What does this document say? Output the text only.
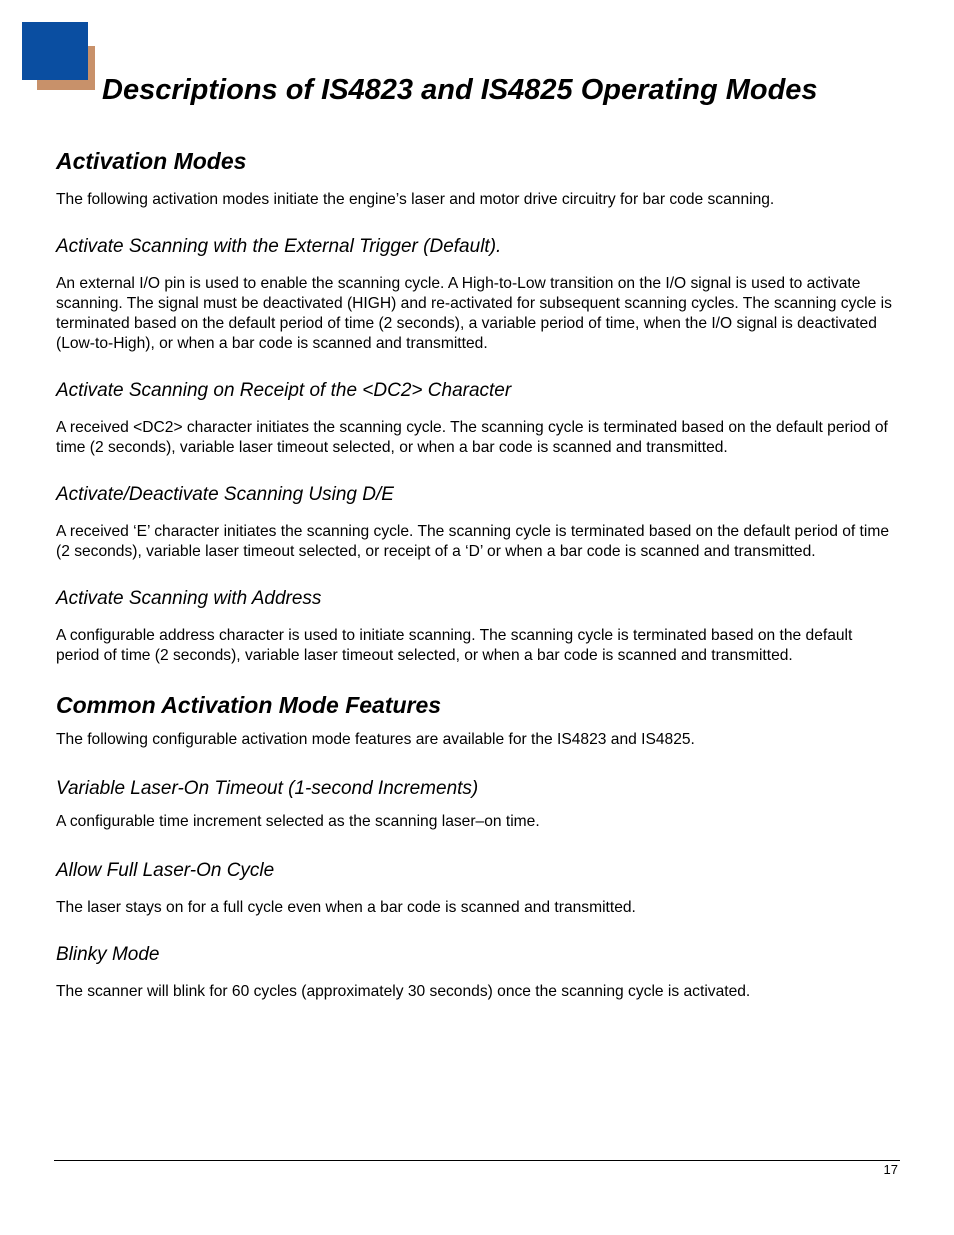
Descriptions of IS4823 and IS4825 Operating Modes
Activation Modes

The following activation modes initiate the engine’s laser and motor drive circuitry for bar code scanning.

Activate Scanning with the External Trigger (Default).

An external I/O pin is used to enable the scanning cycle. A High-to-Low transition on the I/O signal is used to activate scanning. The signal must be deactivated (HIGH) and re-activated for subsequent scanning cycles. The scanning cycle is terminated based on the default period of time (2 seconds), a variable period of time, when the I/O signal is deactivated (Low-to-High), or when a bar code is scanned and transmitted.

Activate Scanning on Receipt of the <DC2> Character

A received <DC2> character initiates the scanning cycle. The scanning cycle is terminated based on the default period of time (2 seconds), variable laser timeout selected, or when a bar code is scanned and transmitted.

Activate/Deactivate Scanning Using D/E

A received ‘E’ character initiates the scanning cycle. The scanning cycle is terminated based on the default period of time (2 seconds), variable laser timeout selected, or receipt of a ‘D’ or when a bar code is scanned and transmitted.

Activate Scanning with Address

A configurable address character is used to initiate scanning. The scanning cycle is terminated based on the default period of time (2 seconds), variable laser timeout selected, or when a bar code is scanned and transmitted.

Common Activation Mode Features

The following configurable activation mode features are available for the IS4823 and IS4825.

Variable Laser-On Timeout (1-second Increments)

A configurable time increment selected as the scanning laser–on time.

Allow Full Laser-On Cycle

The laser stays on for a full cycle even when a bar code is scanned and transmitted.

Blinky Mode

The scanner will blink for 60 cycles (approximately 30 seconds) once the scanning cycle is activated.

17
